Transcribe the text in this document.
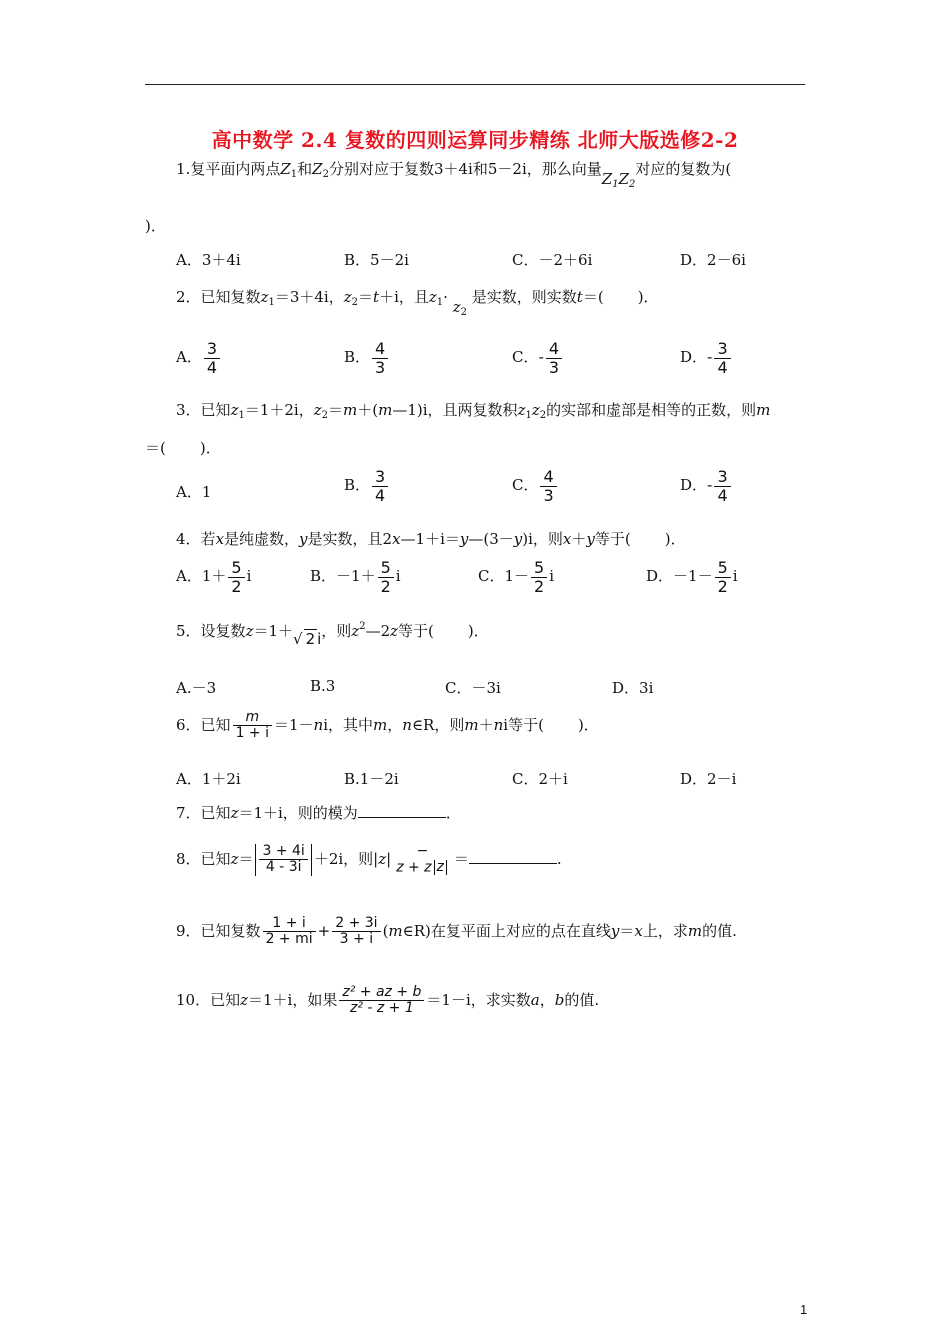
高中数学 2.4 复数的四则运算同步精练 北师大版选修2-2
1.复平面内两点$Z_1$和$Z_2$分别对应于复数3＋4i和5－2i，那么向量$Z_1Z_2$对应的复数为(
)．
A．3＋4i	B．5－2i	C．－2＋6i	D．2－6i
2．已知复数$z_1=3+4i$，$z_2=t+i$，且$z_1\cdot z_2$ 是实数，则实数t＝( )．
A． $\frac{3}{4}$	B． $\frac{4}{3}$	C．- $\frac{4}{3}$	D．- $\frac{3}{4}$
3．已知$z_1=1+2i$，$z_2=m+(m—1)i$，且两复数积$z_1z_2$的实部和虚部是相等的正数，则m
＝( )．
A．1	B． $\frac{3}{4}$	C． $\frac{4}{3}$	D．- $\frac{3}{4}$
4．若x是纯虚数，y是实数，且2x—1＋i＝y—(3－y)i，则x＋y等于( )．
A．$1+ \frac{5}{2}$ i	B．$-1+ \frac{5}{2}$ i	C．$1- \frac{5}{2}$ i	D．$-1- \frac{5}{2}$ i
5．设复数z＝1＋√ 2 i，则$z^2—2z$等于( )．
A.－3	B.3	C．－3i	D．3i
6．已知 $\frac{m}{1 + i} =1-ni$，其中m，n∈R，则m＋ni等于( )．
A．1＋2i	B.1－2i	C．2＋i	D．2－i
7．已知z＝1＋i，则的模为	．
8．已知$z= \frac{3 + 4i}{4 - 3i} +2i$，则|z|	−
z + z z ＝	.
9．已知复数 $\frac{1 + i}{2 + mi} + \frac{2 + 3i}{3 + i}$ (m∈R)在复平面上对应的点在直线y＝x上，求m的值.
10．已知z＝1＋i，如果 $\frac{\text{z² + az + b}}{\text{z² - z + 1}} =1-i$，求实数a，b的值.
1
